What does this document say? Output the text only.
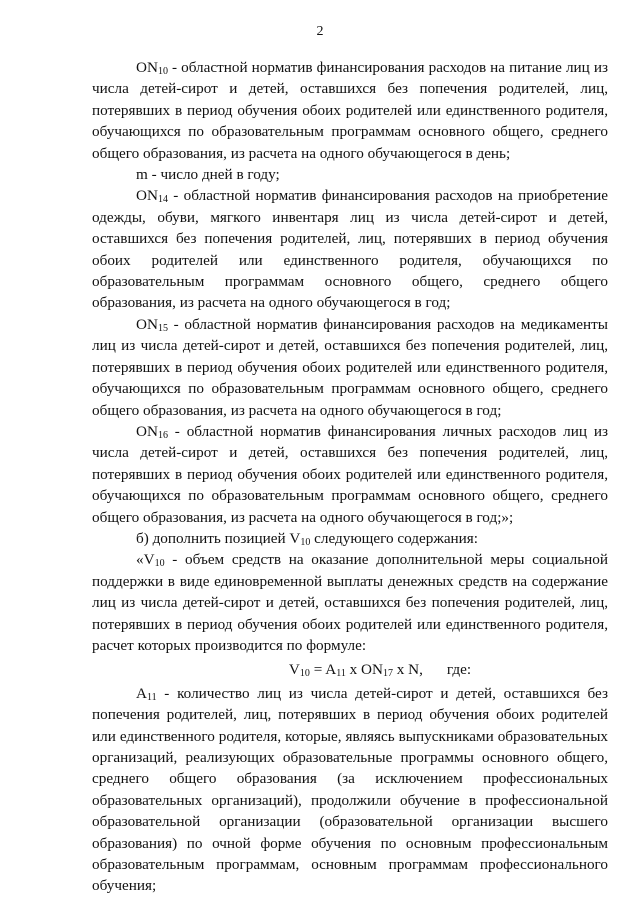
2

$ON_{10}$ - областной норматив финансирования расходов на питание лиц из числа детей-сирот и детей, оставшихся без попечения родителей, лиц, потерявших в период обучения обоих родителей или единственного родителя, обучающихся по образовательным программам основного общего, среднего общего образования, из расчета на одного обучающегося в день;

m - число дней в году;

$ON_{14}$ - областной норматив финансирования расходов на приобретение одежды, обуви, мягкого инвентаря лиц из числа детей-сирот и детей, оставшихся без попечения родителей, лиц, потерявших в период обучения обоих родителей или единственного родителя, обучающихся по образовательным программам основного общего, среднего общего образования, из расчета на одного обучающегося в год;

$ON_{15}$ - областной норматив финансирования расходов на медикаменты лиц из числа детей-сирот и детей, оставшихся без попечения родителей, лиц, потерявших в период обучения обоих родителей или единственного родителя, обучающихся по образовательным программам основного общего, среднего общего образования, из расчета на одного обучающегося в год;

$ON_{16}$ - областной норматив финансирования личных расходов лиц из числа детей-сирот и детей, оставшихся без попечения родителей, лиц, потерявших в период обучения обоих родителей или единственного родителя, обучающихся по образовательным программам основного общего, среднего общего образования, из расчета на одного обучающегося в год;»;

б) дополнить позицией $V_{10}$ следующего содержания:

«$V_{10}$ - объем средств на оказание дополнительной меры социальной поддержки в виде единовременной выплаты денежных средств на содержание лиц из числа детей-сирот и детей, оставшихся без попечения родителей, лиц, потерявших в период обучения обоих родителей или единственного родителя, расчет которых производится по формуле:

$V_{10} = A_{11}$ x $ON_{17}$ x N, где:

$A_{11}$ - количество лиц из числа детей-сирот и детей, оставшихся без попечения родителей, лиц, потерявших в период обучения обоих родителей или единственного родителя, которые, являясь выпускниками образовательных организаций, реализующих образовательные программы основного общего, среднего общего образования (за исключением профессиональных образовательных организаций), продолжили обучение в профессиональной образовательной организации (образовательной организации высшего образования) по очной форме обучения по основным профессиональным образовательным программам, основным программам профессионального обучения;
